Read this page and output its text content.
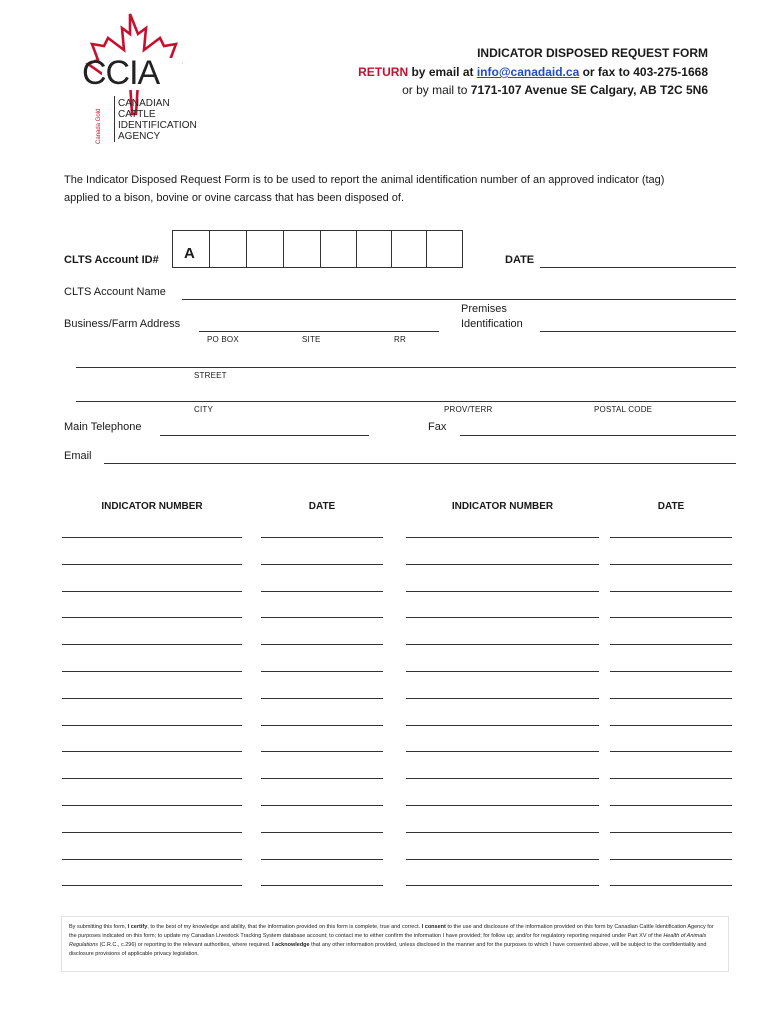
CCIA
Canada Gold
CANADIAN
CATTLE
IDENTIFICATION
AGENCY
INDICATOR DISPOSED REQUEST FORM
RETURN by email at info@canadaid.ca or fax to 403-275-1668
or by mail to 7171-107 Avenue SE Calgary, AB T2C 5N6
The Indicator Disposed Request Form is to be used to report the animal identification number of an approved indicator (tag)
applied to a bison, bovine or ovine carcass that has been disposed of.
CLTS Account ID# A	DATE
CLTS Account Name
Premises
Identification
Business/Farm Address
PO BOX	SITE	RR
STREET
CITY	PROV/TERR	POSTAL CODE
Main Telephone	Fax
Email
INDICATOR NUMBER	DATE	INDICATOR NUMBER	DATE
By submitting this form, I certify, to the best of my knowledge and ability, that the information provided on this form is complete, true and correct. I consent to the use and disclosure of the information provided on this form by Canadian Cattle Identification Agency for the purposes indicated on this form; to update my Canadian Livestock Tracking System database account; to contact me to either confirm the information I have provided; for follow up; and/or for regulatory reporting required under Part XV of the Health of Animals Regulations (C.R.C., c.296) or reporting to the relevant authorities, where required. I acknowledge that any other information provided, unless disclosed in the manner and for the purposes to which I have consented above, will be subject to the confidentiality and disclosure provisions of applicable privacy legislation.
